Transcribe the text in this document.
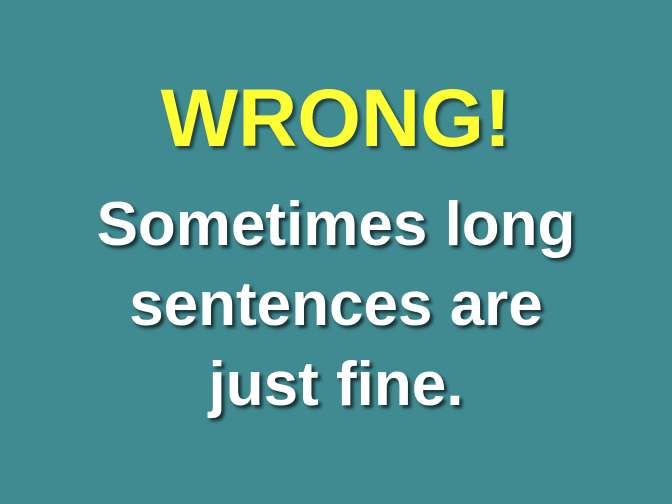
WRONG!
Sometimes long
sentences are
just fine.
